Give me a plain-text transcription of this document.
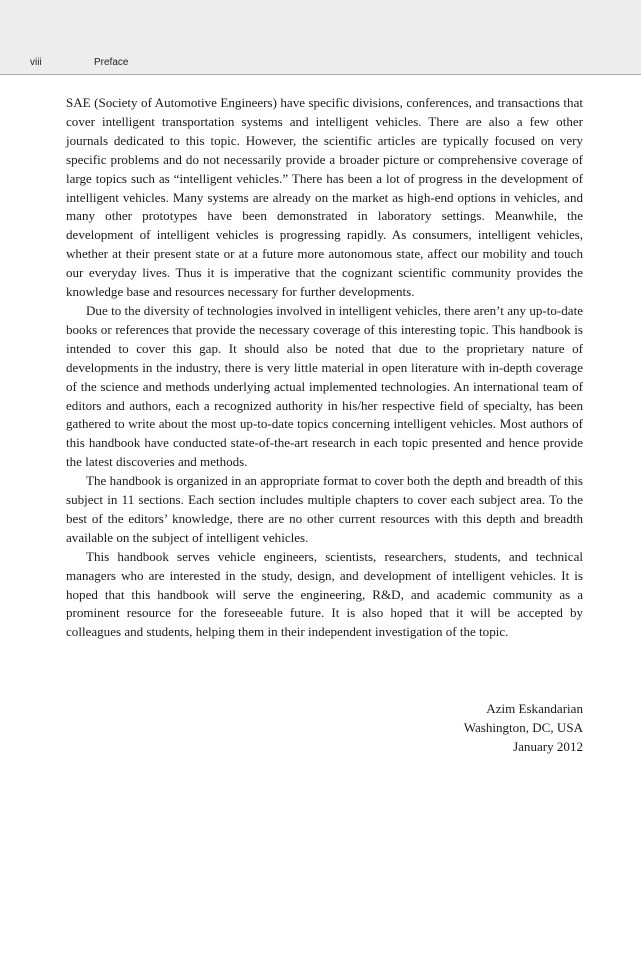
viii	Preface

SAE (Society of Automotive Engineers) have specific divisions, conferences, and transactions that cover intelligent transportation systems and intelligent vehicles. There are also a few other journals dedicated to this topic. However, the scientific articles are typically focused on very specific problems and do not necessarily provide a broader picture or comprehensive coverage of large topics such as “intelligent vehicles.” There has been a lot of progress in the development of intelligent vehicles. Many systems are already on the market as high-end options in vehicles, and many other prototypes have been demonstrated in laboratory settings. Meanwhile, the development of intelligent vehicles is progressing rapidly. As consumers, intelligent vehicles, whether at their present state or at a future more autonomous state, affect our mobility and touch our everyday lives. Thus it is imperative that the cognizant scientific community provides the knowledge base and resources necessary for further developments.

Due to the diversity of technologies involved in intelligent vehicles, there aren’t any up-to-date books or references that provide the necessary coverage of this interesting topic. This handbook is intended to cover this gap. It should also be noted that due to the proprietary nature of developments in the industry, there is very little material in open literature with in-depth coverage of the science and methods underlying actual implemented technologies. An international team of editors and authors, each a recognized authority in his/her respective field of specialty, has been gathered to write about the most up-to-date topics concerning intelligent vehicles. Most authors of this handbook have conducted state-of-the-art research in each topic presented and hence provide the latest discoveries and methods.

The handbook is organized in an appropriate format to cover both the depth and breadth of this subject in 11 sections. Each section includes multiple chapters to cover each subject area. To the best of the editors’ knowledge, there are no other current resources with this depth and breadth available on the subject of intelligent vehicles.

This handbook serves vehicle engineers, scientists, researchers, students, and technical managers who are interested in the study, design, and development of intelligent vehicles. It is hoped that this handbook will serve the engineering, R&D, and academic community as a prominent resource for the foreseeable future. It is also hoped that it will be accepted by colleagues and students, helping them in their independent investigation of the topic.

Azim Eskandarian
Washington, DC, USA
January 2012
